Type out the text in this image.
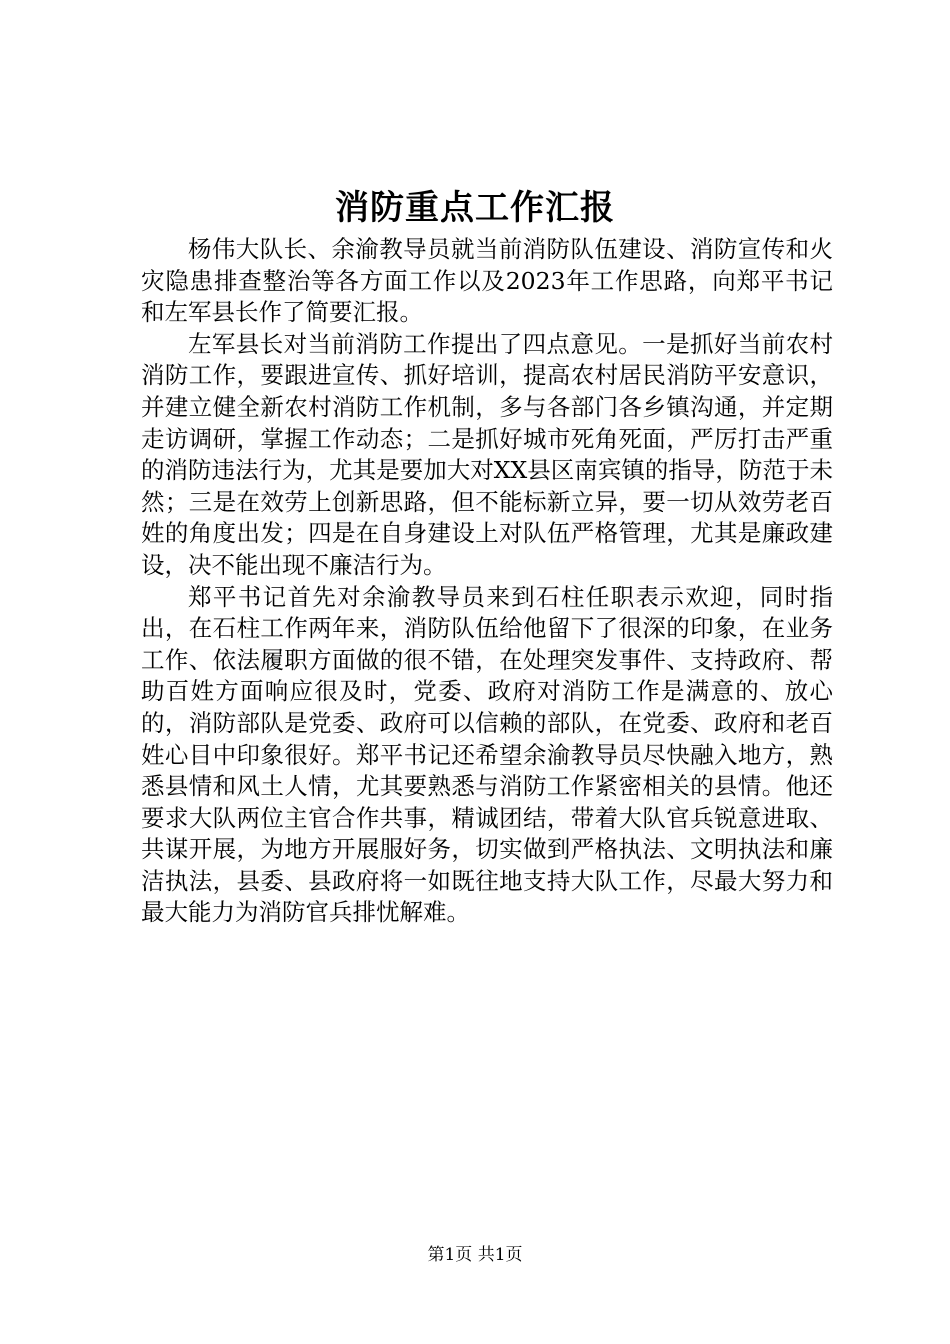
消防重点工作汇报

杨伟大队长、余渝教导员就当前消防队伍建设、消防宣传和火灾隐患排查整治等各方面工作以及2023年工作思路，向郑平书记和左军县长作了简要汇报。

左军县长对当前消防工作提出了四点意见。一是抓好当前农村消防工作，要跟进宣传、抓好培训，提高农村居民消防平安意识，并建立健全新农村消防工作机制，多与各部门各乡镇沟通，并定期走访调研，掌握工作动态；二是抓好城市死角死面，严厉打击严重的消防违法行为，尤其是要加大对XX县区南宾镇的指导，防范于未然；三是在效劳上创新思路，但不能标新立异，要一切从效劳老百姓的角度出发；四是在自身建设上对队伍严格管理，尤其是廉政建设，决不能出现不廉洁行为。

郑平书记首先对余渝教导员来到石柱任职表示欢迎，同时指出，在石柱工作两年来，消防队伍给他留下了很深的印象，在业务工作、依法履职方面做的很不错，在处理突发事件、支持政府、帮助百姓方面响应很及时，党委、政府对消防工作是满意的、放心的，消防部队是党委、政府可以信赖的部队，在党委、政府和老百姓心目中印象很好。郑平书记还希望余渝教导员尽快融入地方，熟悉县情和风土人情，尤其要熟悉与消防工作紧密相关的县情。他还要求大队两位主官合作共事，精诚团结，带着大队官兵锐意进取、共谋开展，为地方开展服好务，切实做到严格执法、文明执法和廉洁执法，县委、县政府将一如既往地支持大队工作，尽最大努力和最大能力为消防官兵排忧解难。

第1页 共1页
